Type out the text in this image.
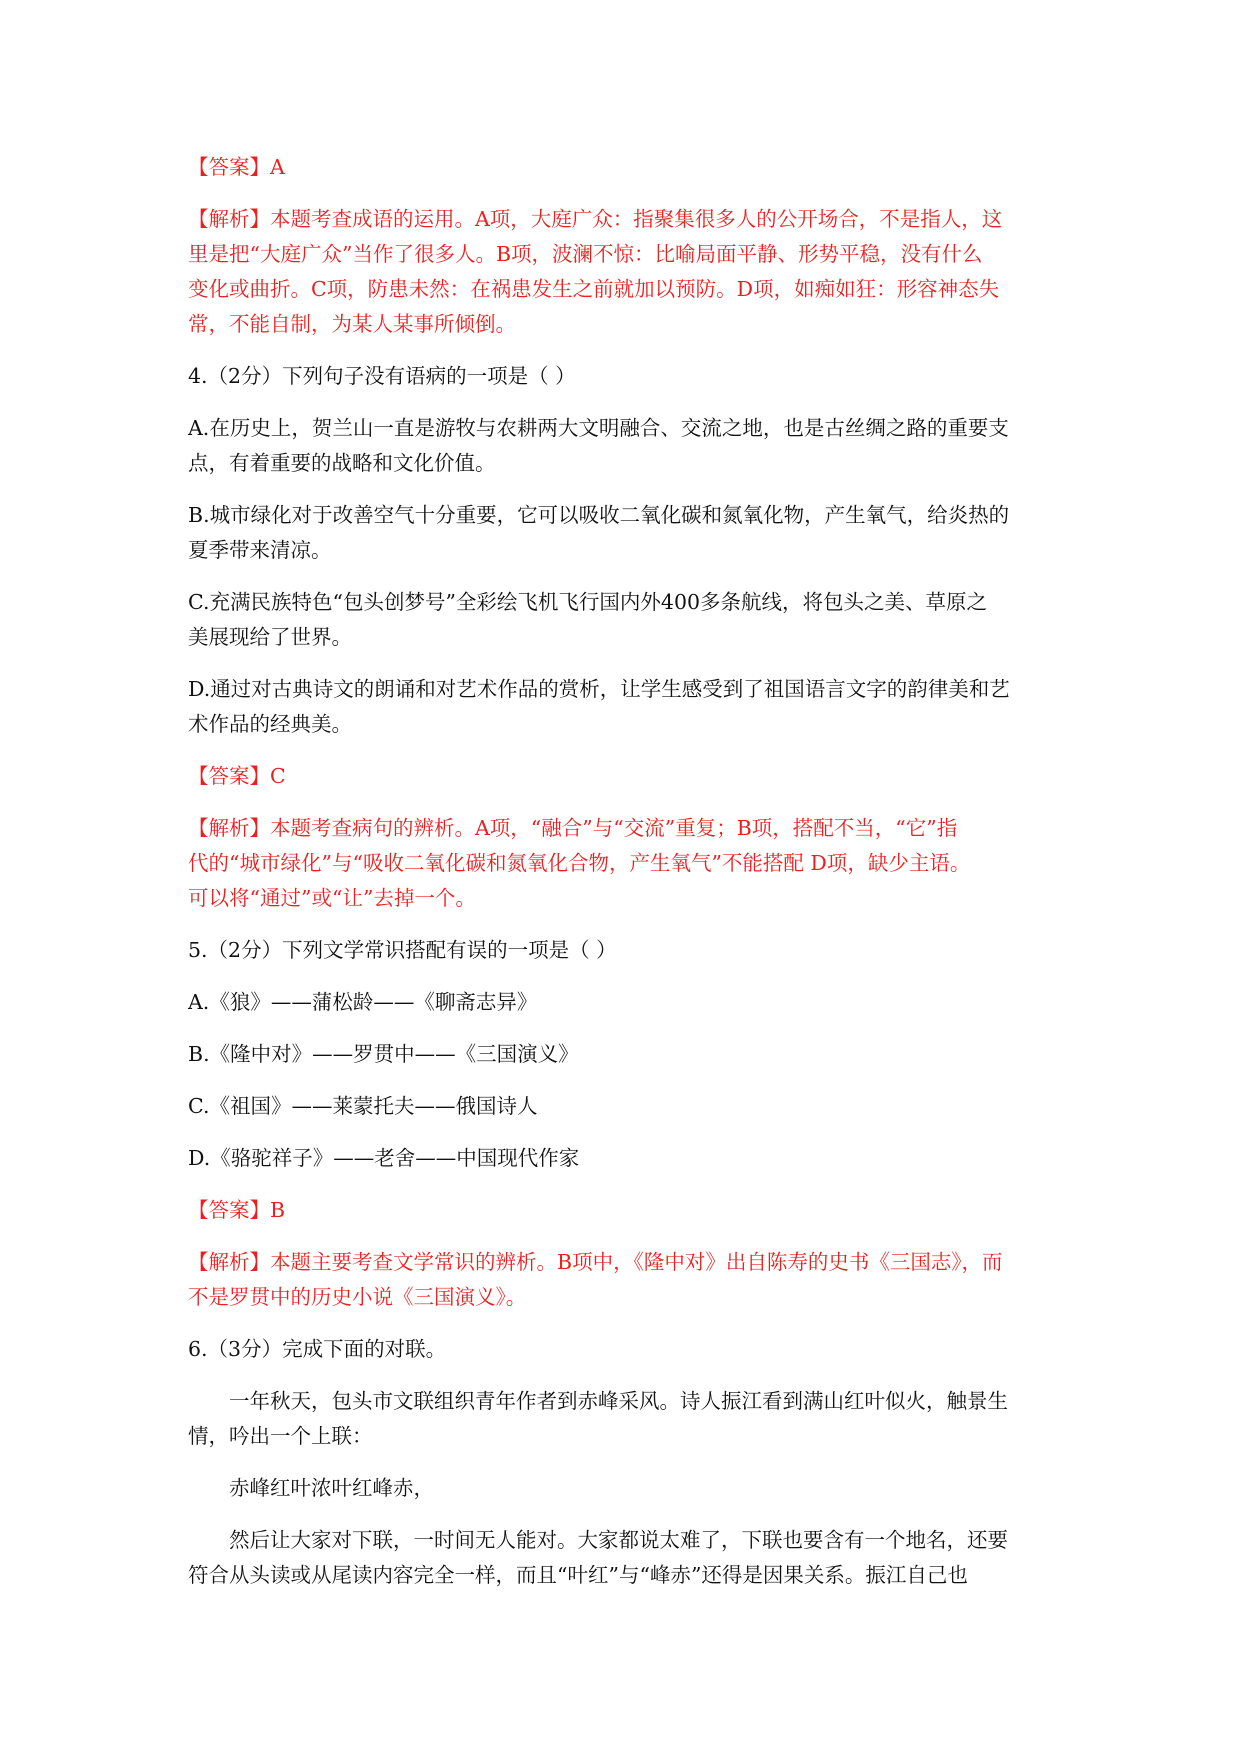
【答案】A
【解析】本题考查成语的运用。A项，大庭广众：指聚集很多人的公开场合，不是指人，这
里是把“大庭广众”当作了很多人。B项，波澜不惊：比喻局面平静、形势平稳，没有什么
变化或曲折。C项，防患未然：在祸患发生之前就加以预防。D项，如痴如狂：形容神态失
常，不能自制，为某人某事所倾倒。
4.（2分）下列句子没有语病的一项是（ ）
A.在历史上，贺兰山一直是游牧与农耕两大文明融合、交流之地，也是古丝绸之路的重要支
点，有着重要的战略和文化价值。
B.城市绿化对于改善空气十分重要，它可以吸收二氧化碳和氮氧化物，产生氧气，给炎热的
夏季带来清凉。
C.充满民族特色“包头创梦号”全彩绘飞机飞行国内外400多条航线，将包头之美、草原之
美展现给了世界。
D.通过对古典诗文的朗诵和对艺术作品的赏析，让学生感受到了祖国语言文字的韵律美和艺
术作品的经典美。
【答案】C
【解析】本题考查病句的辨析。A项，“融合”与“交流”重复；B项，搭配不当，“它”指
代的“城市绿化”与“吸收二氧化碳和氮氧化合物，产生氧气”不能搭配 D项，缺少主语。
可以将“通过”或“让”去掉一个。
5.（2分）下列文学常识搭配有误的一项是（ ）
A.《狼》——蒲松龄——《聊斋志异》
B.《隆中对》——罗贯中——《三国演义》
C.《祖国》——莱蒙托夫——俄国诗人
D.《骆驼祥子》——老舍——中国现代作家
【答案】B
【解析】本题主要考查文学常识的辨析。B项中，《隆中对》出自陈寿的史书《三国志》，而
不是罗贯中的历史小说《三国演义》。
6.（3分）完成下面的对联。
一年秋天，包头市文联组织青年作者到赤峰采风。诗人振江看到满山红叶似火，触景生
情，吟出一个上联：
赤峰红叶浓叶红峰赤，
然后让大家对下联，一时间无人能对。大家都说太难了，下联也要含有一个地名，还要
符合从头读或从尾读内容完全一样，而且“叶红”与“峰赤”还得是因果关系。振江自己也
